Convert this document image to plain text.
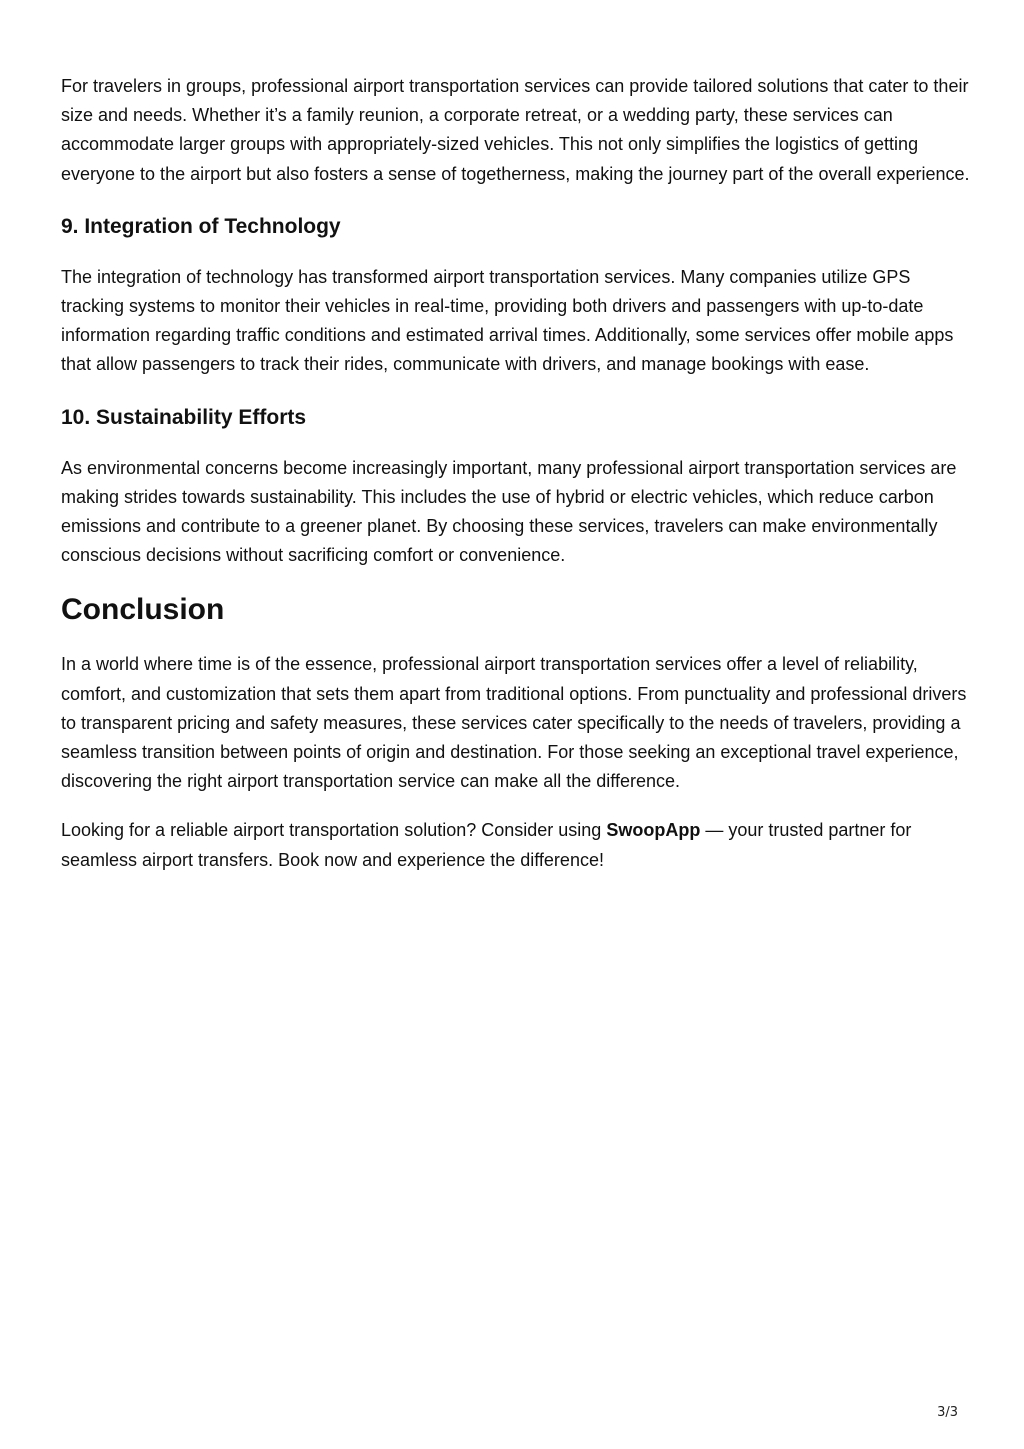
For travelers in groups, professional airport transportation services can provide tailored solutions that cater to their size and needs. Whether it’s a family reunion, a corporate retreat, or a wedding party, these services can accommodate larger groups with appropriately-sized vehicles. This not only simplifies the logistics of getting everyone to the airport but also fosters a sense of togetherness, making the journey part of the overall experience.

9. Integration of Technology

The integration of technology has transformed airport transportation services. Many companies utilize GPS tracking systems to monitor their vehicles in real-time, providing both drivers and passengers with up-to-date information regarding traffic conditions and estimated arrival times. Additionally, some services offer mobile apps that allow passengers to track their rides, communicate with drivers, and manage bookings with ease.

10. Sustainability Efforts

As environmental concerns become increasingly important, many professional airport transportation services are making strides towards sustainability. This includes the use of hybrid or electric vehicles, which reduce carbon emissions and contribute to a greener planet. By choosing these services, travelers can make environmentally conscious decisions without sacrificing comfort or convenience.

Conclusion

In a world where time is of the essence, professional airport transportation services offer a level of reliability, comfort, and customization that sets them apart from traditional options. From punctuality and professional drivers to transparent pricing and safety measures, these services cater specifically to the needs of travelers, providing a seamless transition between points of origin and destination. For those seeking an exceptional travel experience, discovering the right airport transportation service can make all the difference.

Looking for a reliable airport transportation solution? Consider using SwoopApp — your trusted partner for seamless airport transfers. Book now and experience the difference!

3/3
